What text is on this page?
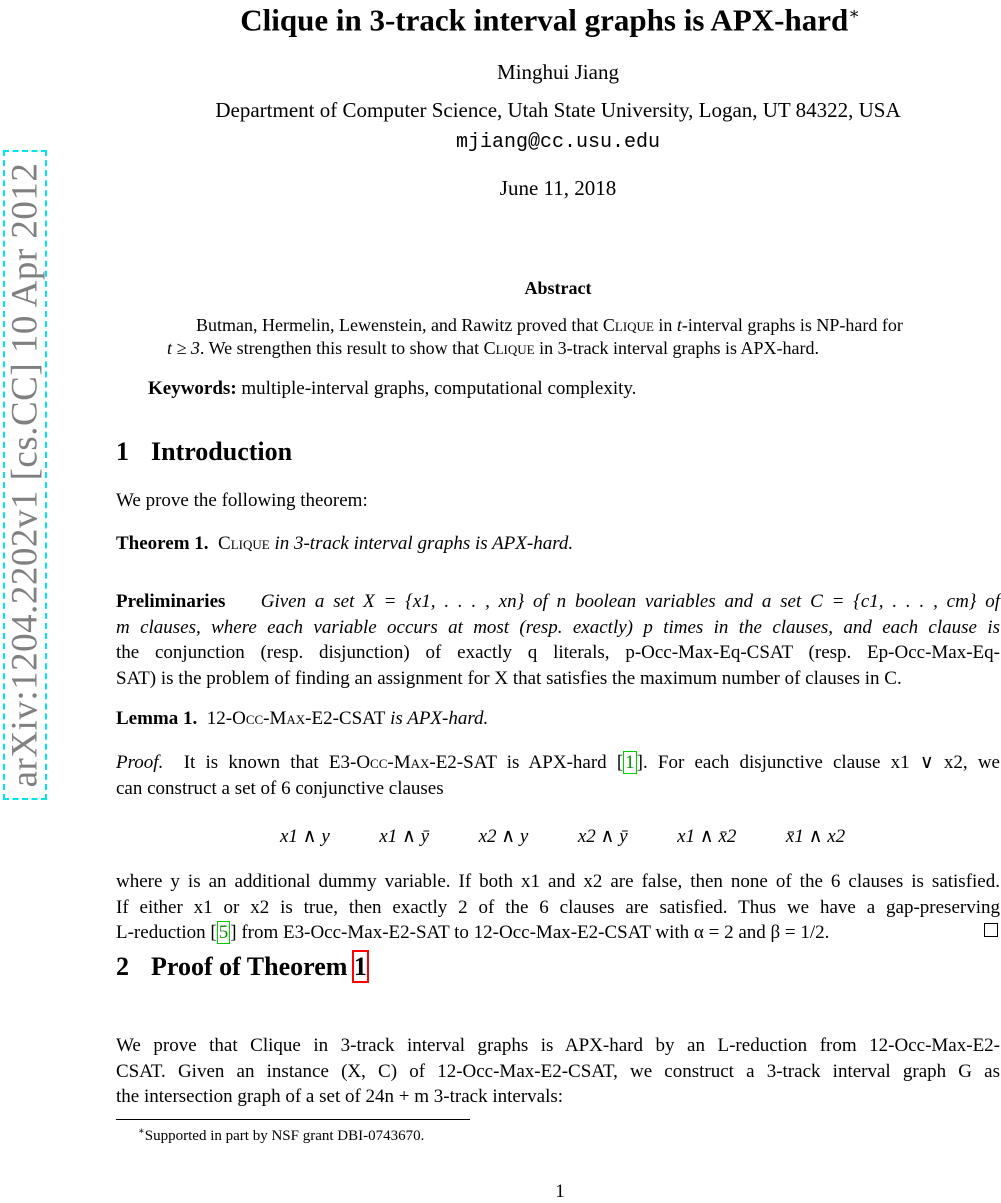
arXiv:1204.2202v1 [cs.CC] 10 Apr 2012
Clique in 3-track interval graphs is APX-hard∗
Minghui Jiang
Department of Computer Science, Utah State University, Logan, UT 84322, USA
mjiang@cc.usu.edu
June 11, 2018
Abstract
Butman, Hermelin, Lewenstein, and Rawitz proved that Clique in t-interval graphs is NP-hard for
t ≥ 3. We strengthen this result to show that Clique in 3-track interval graphs is APX-hard.
Keywords: multiple-interval graphs, computational complexity.
1 Introduction
We prove the following theorem:
Theorem 1. Clique in 3-track interval graphs is APX-hard.
Preliminaries Given a set X = {x1, . . . , xn} of n boolean variables and a set C = {c1, . . . , cm} of
m clauses, where each variable occurs at most (resp. exactly) p times in the clauses, and each clause is
the conjunction (resp. disjunction) of exactly q literals, p-Occ-Max-Eq-CSAT (resp. Ep-Occ-Max-Eq-
SAT) is the problem of finding an assignment for X that satisfies the maximum number of clauses in C.
Lemma 1. 12-Occ-Max-E2-CSAT is APX-hard.
Proof. It is known that E3-Occ-Max-E2-SAT is APX-hard [ 1 ]. For each disjunctive clause x1 ∨ x2, we
can construct a set of 6 conjunctive clauses
x1 ∧ y	x1 ∧ ȳ	x2 ∧ y	x2 ∧ ȳ	x1 ∧ x̄2	x̄1 ∧ x2
where y is an additional dummy variable. If both x1 and x2 are false, then none of the 6 clauses is satisfied.
If either x1 or x2 is true, then exactly 2 of the 6 clauses are satisfied. Thus we have a gap-preserving
L-reduction [ 5 ] from E3-Occ-Max-E2-SAT to 12-Occ-Max-E2-CSAT with α = 2 and β = 1/2.
2 Proof of Theorem 1
We prove that Clique in 3-track interval graphs is APX-hard by an L-reduction from 12-Occ-Max-E2-
CSAT. Given an instance (X, C) of 12-Occ-Max-E2-CSAT, we construct a 3-track interval graph G as
the intersection graph of a set of 24n + m 3-track intervals:
∗Supported in part by NSF grant DBI-0743670.
1
